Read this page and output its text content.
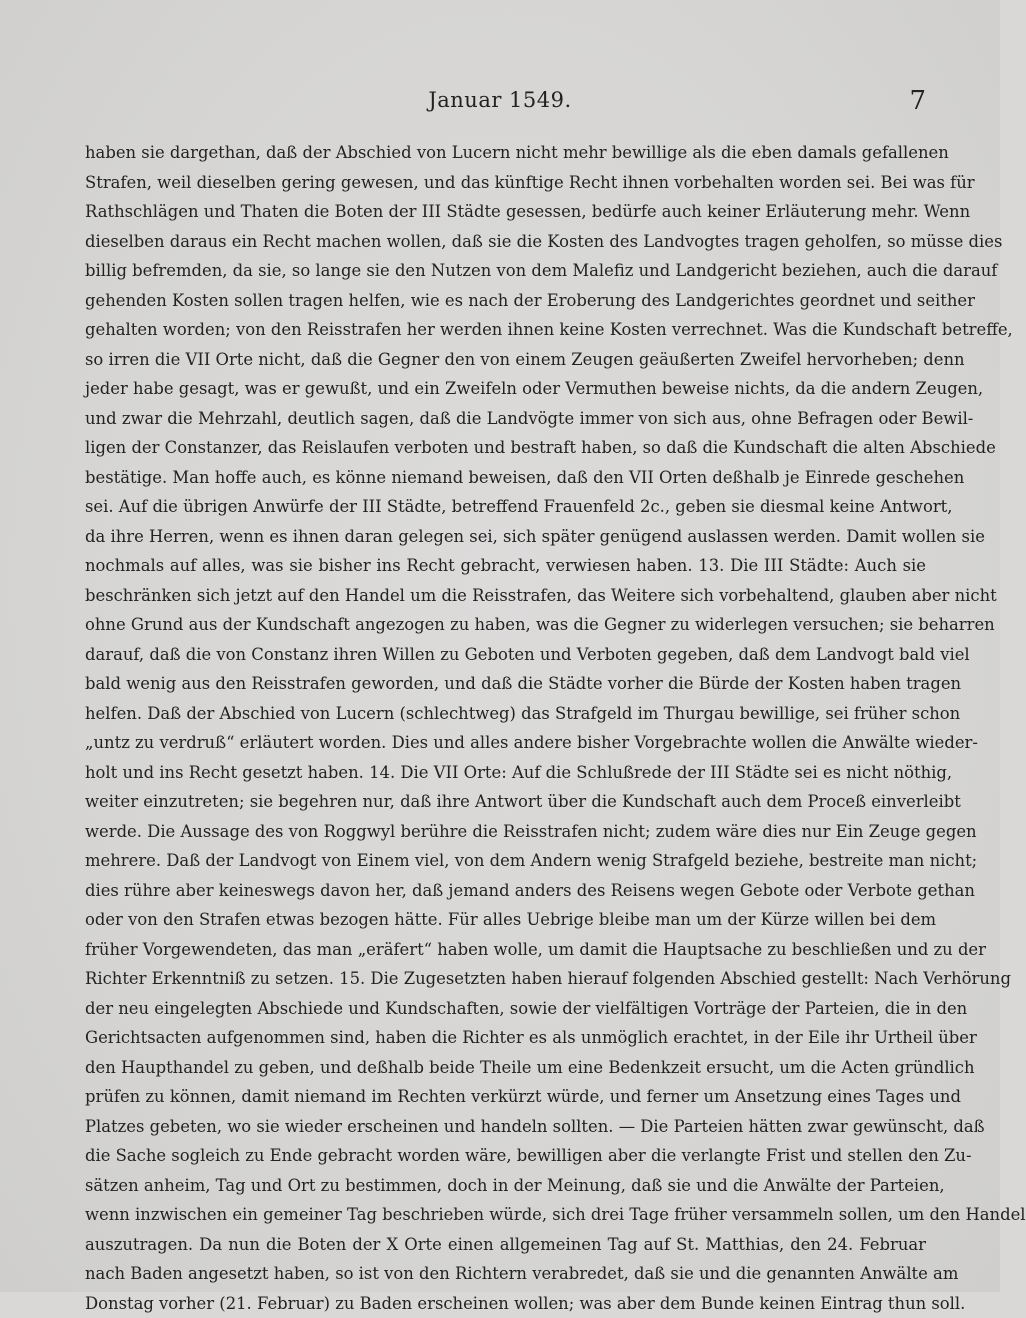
Januar 1549.	7
haben sie dargethan, daß der Abschied von Lucern nicht mehr bewillige als die eben damals gefallenen
Strafen, weil dieselben gering gewesen, und das künftige Recht ihnen vorbehalten worden sei. Bei was für
Rathschlägen und Thaten die Boten der III Städte gesessen, bedürfe auch keiner Erläuterung mehr. Wenn
dieselben daraus ein Recht machen wollen, daß sie die Kosten des Landvogtes tragen geholfen, so müsse dies
billig befremden, da sie, so lange sie den Nutzen von dem Malefiz und Landgericht beziehen, auch die darauf
gehenden Kosten sollen tragen helfen, wie es nach der Eroberung des Landgerichtes geordnet und seither
gehalten worden; von den Reisstrafen her werden ihnen keine Kosten verrechnet. Was die Kundschaft betreffe,
so irren die VII Orte nicht, daß die Gegner den von einem Zeugen geäußerten Zweifel hervorheben; denn
jeder habe gesagt, was er gewußt, und ein Zweifeln oder Vermuthen beweise nichts, da die andern Zeugen,
und zwar die Mehrzahl, deutlich sagen, daß die Landvögte immer von sich aus, ohne Befragen oder Bewil-
ligen der Constanzer, das Reislaufen verboten und bestraft haben, so daß die Kundschaft die alten Abschiede
bestätige. Man hoffe auch, es könne niemand beweisen, daß den VII Orten deßhalb je Einrede geschehen
sei. Auf die übrigen Anwürfe der III Städte, betreffend Frauenfeld 2c., geben sie diesmal keine Antwort,
da ihre Herren, wenn es ihnen daran gelegen sei, sich später genügend auslassen werden. Damit wollen sie
nochmals auf alles, was sie bisher ins Recht gebracht, verwiesen haben. 13. Die III Städte: Auch sie
beschränken sich jetzt auf den Handel um die Reisstrafen, das Weitere sich vorbehaltend, glauben aber nicht
ohne Grund aus der Kundschaft angezogen zu haben, was die Gegner zu widerlegen versuchen; sie beharren
darauf, daß die von Constanz ihren Willen zu Geboten und Verboten gegeben, daß dem Landvogt bald viel
bald wenig aus den Reisstrafen geworden, und daß die Städte vorher die Bürde der Kosten haben tragen
helfen. Daß der Abschied von Lucern (schlechtweg) das Strafgeld im Thurgau bewillige, sei früher schon
„untz zu verdruß“ erläutert worden. Dies und alles andere bisher Vorgebrachte wollen die Anwälte wieder-
holt und ins Recht gesetzt haben. 14. Die VII Orte: Auf die Schlußrede der III Städte sei es nicht nöthig,
weiter einzutreten; sie begehren nur, daß ihre Antwort über die Kundschaft auch dem Proceß einverleibt
werde. Die Aussage des von Roggwyl berühre die Reisstrafen nicht; zudem wäre dies nur Ein Zeuge gegen
mehrere. Daß der Landvogt von Einem viel, von dem Andern wenig Strafgeld beziehe, bestreite man nicht;
dies rühre aber keineswegs davon her, daß jemand anders des Reisens wegen Gebote oder Verbote gethan
oder von den Strafen etwas bezogen hätte. Für alles Uebrige bleibe man um der Kürze willen bei dem
früher Vorgewendeten, das man „eräfert“ haben wolle, um damit die Hauptsache zu beschließen und zu der
Richter Erkenntniß zu setzen. 15. Die Zugesetzten haben hierauf folgenden Abschied gestellt: Nach Verhörung
der neu eingelegten Abschiede und Kundschaften, sowie der vielfältigen Vorträge der Parteien, die in den
Gerichtsacten aufgenommen sind, haben die Richter es als unmöglich erachtet, in der Eile ihr Urtheil über
den Haupthandel zu geben, und deßhalb beide Theile um eine Bedenkzeit ersucht, um die Acten gründlich
prüfen zu können, damit niemand im Rechten verkürzt würde, und ferner um Ansetzung eines Tages und
Platzes gebeten, wo sie wieder erscheinen und handeln sollten. — Die Parteien hätten zwar gewünscht, daß
die Sache sogleich zu Ende gebracht worden wäre, bewilligen aber die verlangte Frist und stellen den Zu-
sätzen anheim, Tag und Ort zu bestimmen, doch in der Meinung, daß sie und die Anwälte der Parteien,
wenn inzwischen ein gemeiner Tag beschrieben würde, sich drei Tage früher versammeln sollen, um den Handel
auszutragen. Da nun die Boten der X Orte einen allgemeinen Tag auf St. Matthias, den 24. Februar
nach Baden angesetzt haben, so ist von den Richtern verabredet, daß sie und die genannten Anwälte am
Donstag vorher (21. Februar) zu Baden erscheinen wollen; was aber dem Bunde keinen Eintrag thun soll.
